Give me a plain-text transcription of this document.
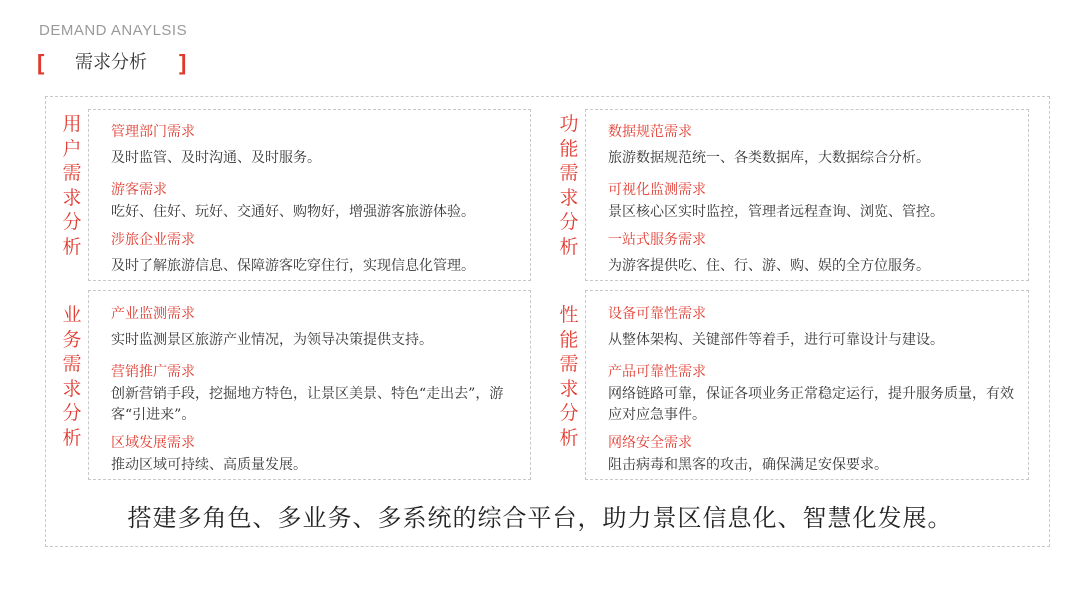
DEMAND ANAYLSIS
[ 需求分析 ]
用户需求分析
业务需求分析
功能需求分析
性能需求分析
管理部门需求
及时监管、及时沟通、及时服务。
游客需求
吃好、住好、玩好、交通好、购物好，增强游客旅游体验。
涉旅企业需求
及时了解旅游信息、保障游客吃穿住行，实现信息化管理。
产业监测需求
实时监测景区旅游产业情况，为领导决策提供支持。
营销推广需求
创新营销手段，挖掘地方特色，让景区美景、特色“走出去”，游客“引进来”。
区域发展需求
推动区域可持续、高质量发展。
数据规范需求
旅游数据规范统一、各类数据库，大数据综合分析。
可视化监测需求
景区核心区实时监控，管理者远程查询、浏览、管控。
一站式服务需求
为游客提供吃、住、行、游、购、娱的全方位服务。
设备可靠性需求
从整体架构、关键部件等着手，进行可靠设计与建设。
产品可靠性需求
网络链路可靠，保证各项业务正常稳定运行，提升服务质量，有效应对应急事件。
网络安全需求
阻击病毒和黑客的攻击，确保满足安保要求。
搭建多角色、多业务、多系统的综合平台，助力景区信息化、智慧化发展。
